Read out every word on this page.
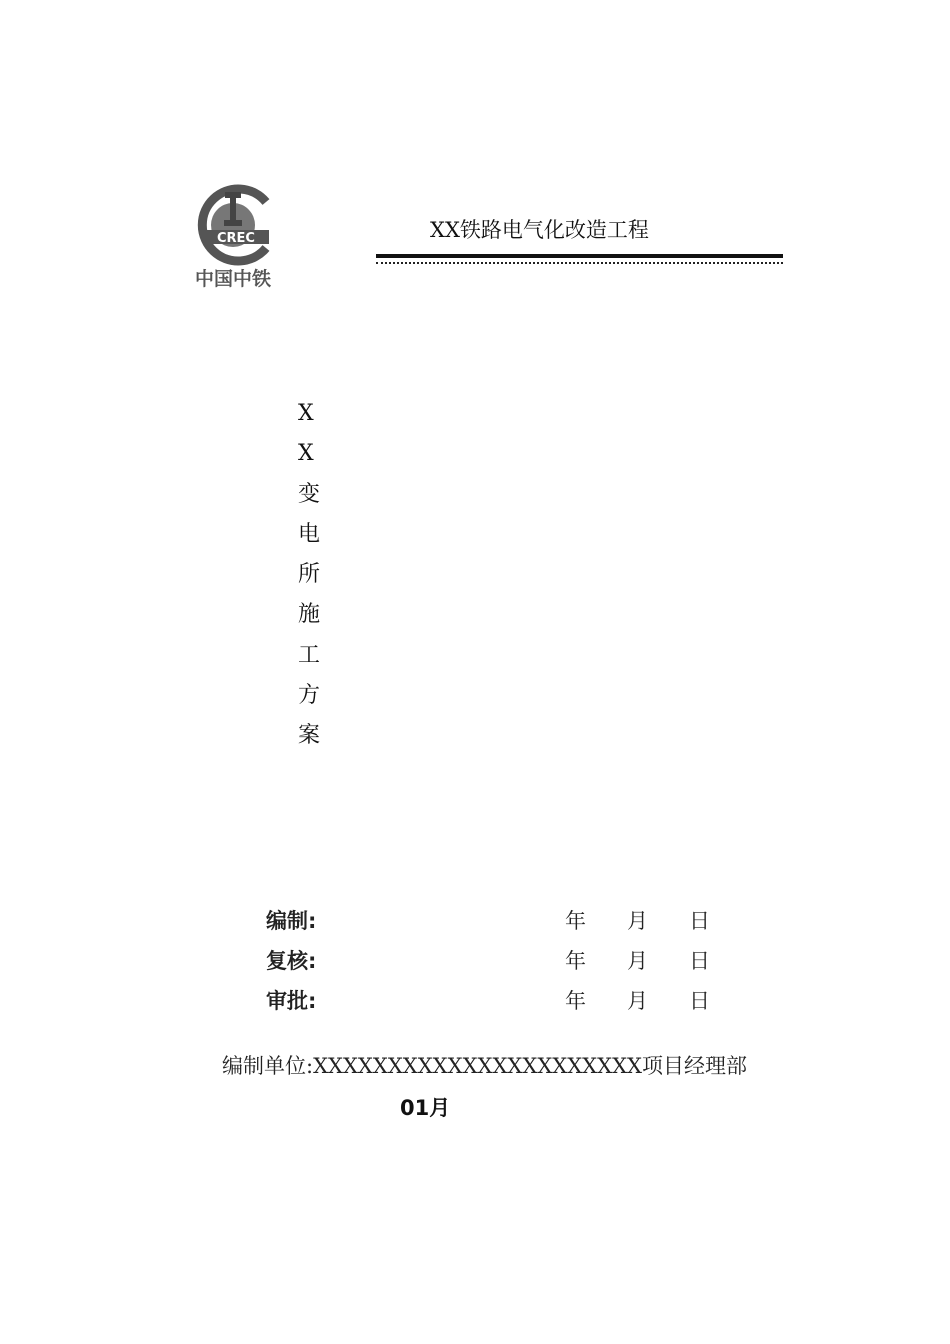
CREC
中国中铁
XX铁路电气化改造工程
X
X
变
电
所
施
工
方
案
编制:	年 月 日
复核:	年 月 日
审批:	年 月 日
编制单位:XXXXXXXXXXXXXXXXXXXXXX项目经理部
01月
